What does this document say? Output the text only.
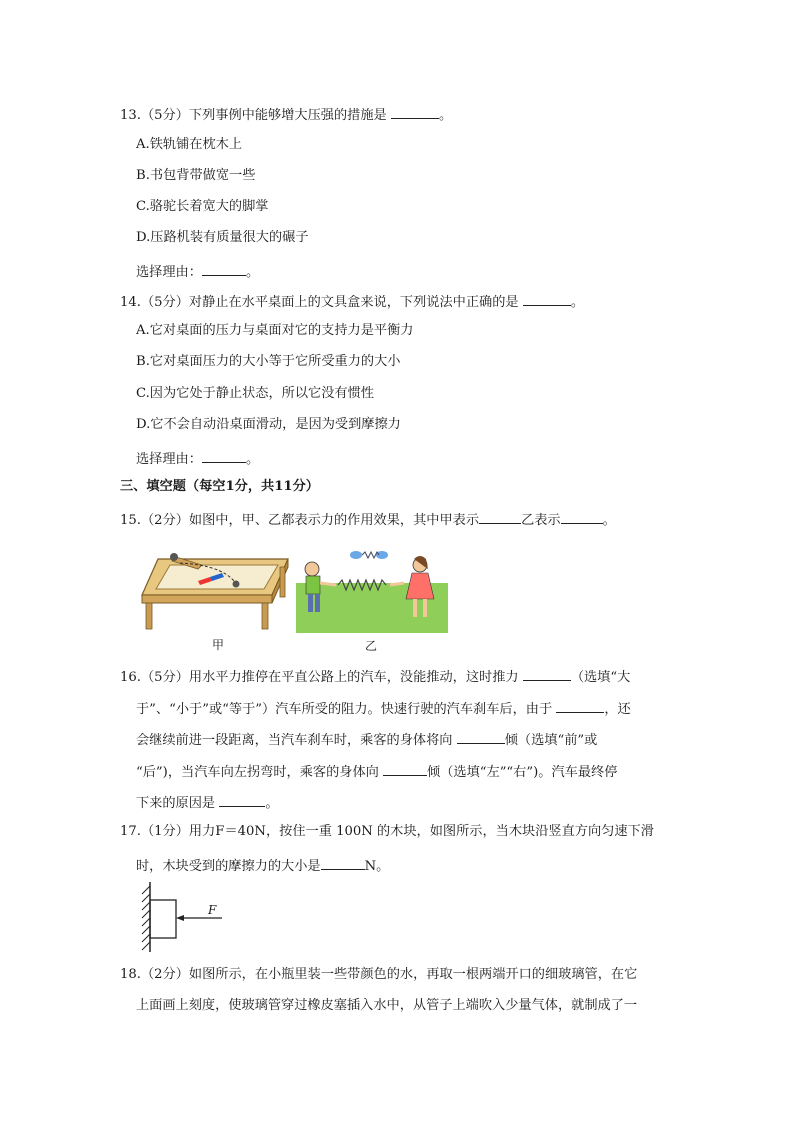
13.（5分）下列事例中能够增大压强的措施是	。
A.铁轨铺在枕木上
B.书包背带做宽一些
C.骆驼长着宽大的脚掌
D.压路机装有质量很大的碾子
选择理由：	。
14.（5分）对静止在水平桌面上的文具盒来说，下列说法中正确的是	。
A.它对桌面的压力与桌面对它的支持力是平衡力
B.它对桌面压力的大小等于它所受重力的大小
C.因为它处于静止状态，所以它没有惯性
D.它不会自动沿桌面滑动，是因为受到摩擦力
选择理由：	。
三、填空题（每空1分，共11分）
15.（2分）如图中，甲、乙都表示力的作用效果，其中甲表示	乙表示	。
甲	乙
16.（5分）用水平力推停在平直公路上的汽车，没能推动，这时推力	（选填“大
于”、“小于”或“等于”）汽车所受的阻力。快速行驶的汽车刹车后，由于	，还
会继续前进一段距离，当汽车刹车时，乘客的身体将向	倾（选填“前”或
“后”)，当汽车向左拐弯时，乘客的身体向	倾（选填“左”“右”)。汽车最终停
下来的原因是	。
17.（1分）用力F＝40N，按住一重 100N 的木块，如图所示，当木块沿竖直方向匀速下滑
时，木块受到的摩擦力的大小是	N。
F
18.（2分）如图所示，在小瓶里装一些带颜色的水，再取一根两端开口的细玻璃管，在它
上面画上刻度，使玻璃管穿过橡皮塞插入水中，从管子上端吹入少量气体，就制成了一
